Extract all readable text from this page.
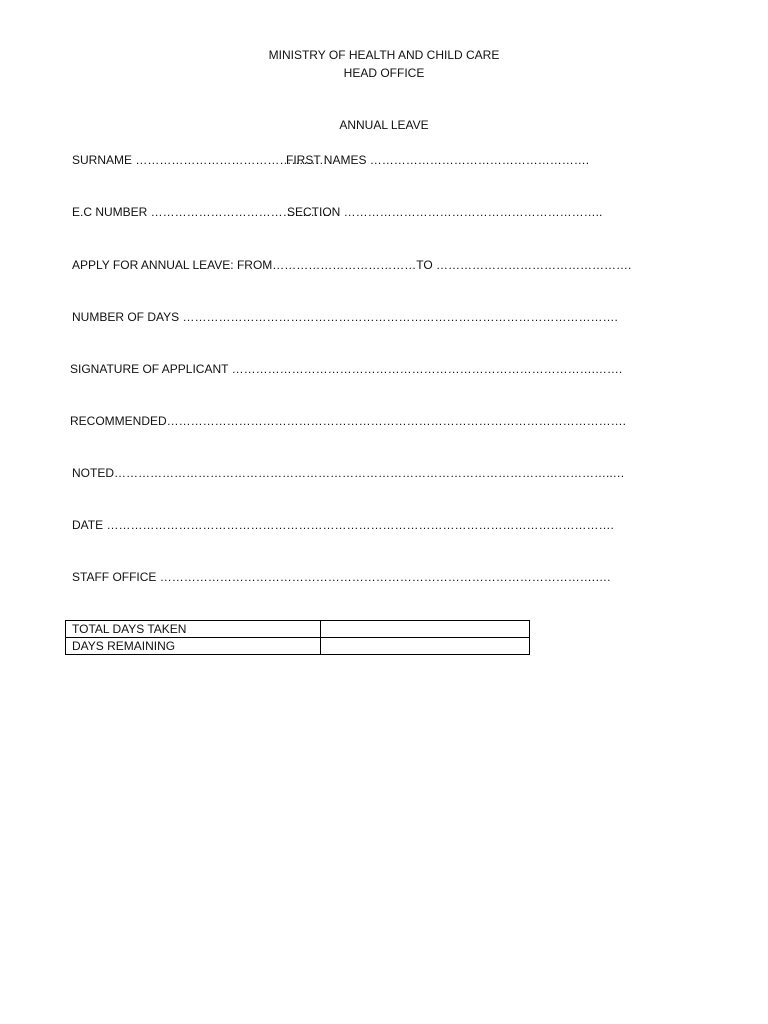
MINISTRY OF HEALTH AND CHILD CARE
HEAD OFFICE
ANNUAL LEAVE
SURNAME …………………………………………
FIRST NAMES ……………………………………………….
E.C NUMBER ………………………………………
SECTION ………………………………………………………..
APPLY FOR ANNUAL LEAVE: FROM………………………………TO ………………………………………….
NUMBER OF DAYS ……………………………………………………………………………………………….
SIGNATURE OF APPLICANT ……………………………………………………………………………….…….
RECOMMENDED…………………………………………………………………………………………………….
NOTED……………………………………………………………………………………………………………..…
DATE ……………………………………………………………………………………………………………….
STAFF OFFICE ……………………………………………………………………………………………….….
TOTAL DAYS TAKEN	
DAYS REMAINING	
